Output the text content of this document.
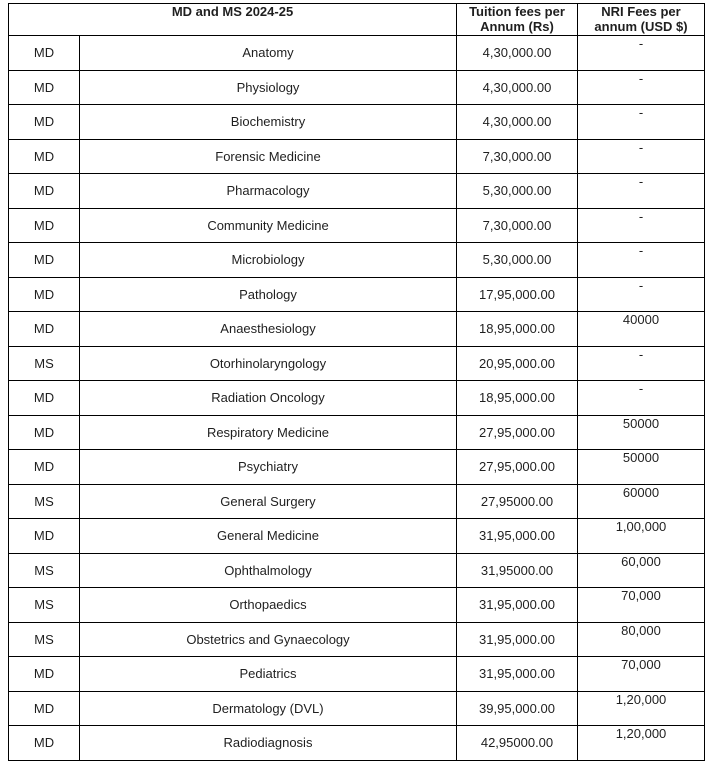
MD and MS 2024-25		Tuition fees per Annum (Rs)	NRI Fees per annum (USD $)
MD	Anatomy	4,30,000.00	-
MD	Physiology	4,30,000.00	-
MD	Biochemistry	4,30,000.00	-
MD	Forensic Medicine	7,30,000.00	-
MD	Pharmacology	5,30,000.00	-
MD	Community Medicine	7,30,000.00	-
MD	Microbiology	5,30,000.00	-
MD	Pathology	17,95,000.00	-
MD	Anaesthesiology	18,95,000.00	40000
MS	Otorhinolaryngology	20,95,000.00	-
MD	Radiation Oncology	18,95,000.00	-
MD	Respiratory Medicine	27,95,000.00	50000
MD	Psychiatry	27,95,000.00	50000
MS	General Surgery	27,95000.00	60000
MD	General Medicine	31,95,000.00	1,00,000
MS	Ophthalmology	31,95000.00	60,000
MS	Orthopaedics	31,95,000.00	70,000
MS	Obstetrics and Gynaecology	31,95,000.00	80,000
MD	Pediatrics	31,95,000.00	70,000
MD	Dermatology (DVL)	39,95,000.00	1,20,000
MD	Radiodiagnosis	42,95000.00	1,20,000
